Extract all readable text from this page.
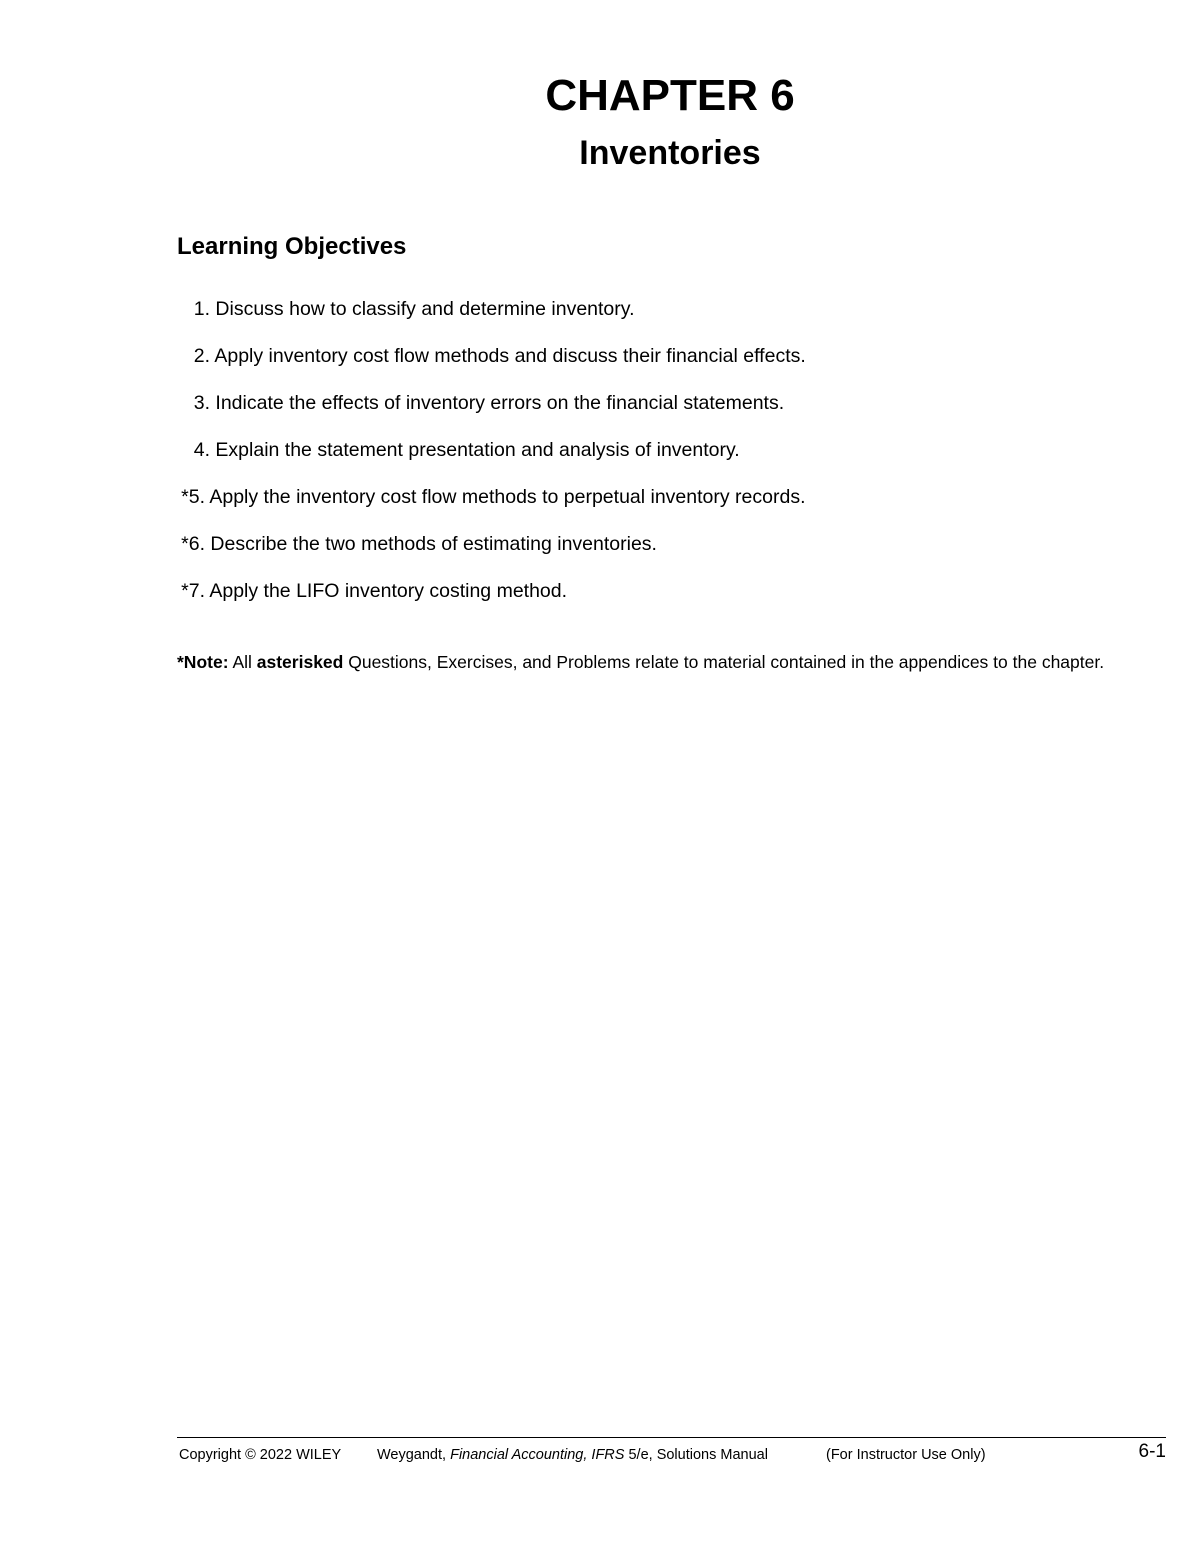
CHAPTER 6
Inventories
Learning Objectives
1. Discuss how to classify and determine inventory.
2. Apply inventory cost flow methods and discuss their financial effects.
3. Indicate the effects of inventory errors on the financial statements.
4. Explain the statement presentation and analysis of inventory.
*5. Apply the inventory cost flow methods to perpetual inventory records.
*6. Describe the two methods of estimating inventories.
*7. Apply the LIFO inventory costing method.

*Note: All asterisked Questions, Exercises, and Problems relate to material contained in the appendices to the chapter.

Copyright © 2022 WILEY Weygandt, Financial Accounting, IFRS 5/e, Solutions Manual	(For Instructor Use Only)	6-1
